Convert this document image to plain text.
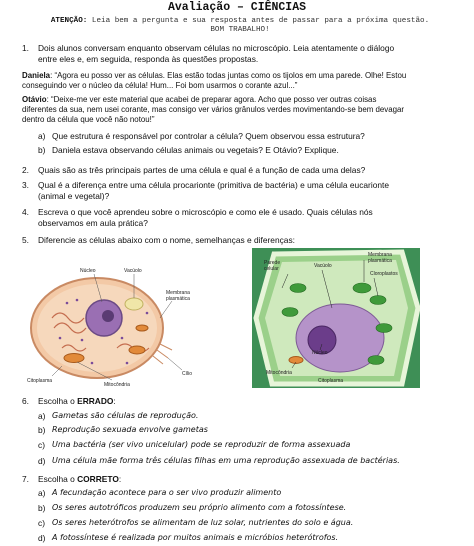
Avaliação – CIÊNCIAS
ATENÇÃO: Leia bem a pergunta e sua resposta antes de passar para a próxima questão.
BOM TRABALHO!
1.	Dois alunos conversam enquanto observam células no microscópio. Leia atentamente o diálogo
entre eles e, em seguida, responda às questões propostas.
Daniela: “Agora eu posso ver as células. Elas estão todas juntas como os tijolos em uma parede. Olhe! Estou
conseguindo ver o núcleo da célula! Hum... Foi bom usarmos o corante azul...”
Otávio: “Deixe-me ver este material que acabei de preparar agora. Acho que posso ver outras coisas
diferentes da sua, nem usei corante, mas consigo ver vários grânulos verdes movimentando-se bem devagar
dentro da célula que você não notou!”
a) Que estrutura é responsável por controlar a célula? Quem observou essa estrutura?
b) Daniela estava observando células animais ou vegetais? E Otávio? Explique.
2.	Quais são as três principais partes de uma célula e qual é a função de cada uma delas?
3.	Qual é a diferença entre uma célula procarionte (primitiva de bactéria) e uma célula eucarionte
(animal e vegetal)?
4.	Escreva o que você aprendeu sobre o microscópio e como ele é usado. Quais células nós
observamos em aula prática?
5.	Diferencie as células abaixo com o nome, semelhanças e diferenças:
Núcleo	Vacúolo
Membrana
plasmática
Citoplasma
Mitocôndria
Cílio
Parede
celular	Vacúolo
Membrana
plasmática
Cloroplastos
Núcleo
Mitocôndria
Citoplasma
6.	Escolha o ERRADO:
a) Gametas são células de reprodução.
b) Reprodução sexuada envolve gametas
c) Uma bactéria (ser vivo unicelular) pode se reproduzir de forma assexuada
d) Uma célula mãe forma três células filhas em uma reprodução assexuada de bactérias.
7.	Escolha o CORRETO:
a) A fecundação acontece para o ser vivo produzir alimento
b) Os seres autotróficos produzem seu próprio alimento com a fotossíntese.
c) Os seres heterótrofos se alimentam de luz solar, nutrientes do solo e água.
d) A fotossíntese é realizada por muitos animais e micróbios heterótrofos.
